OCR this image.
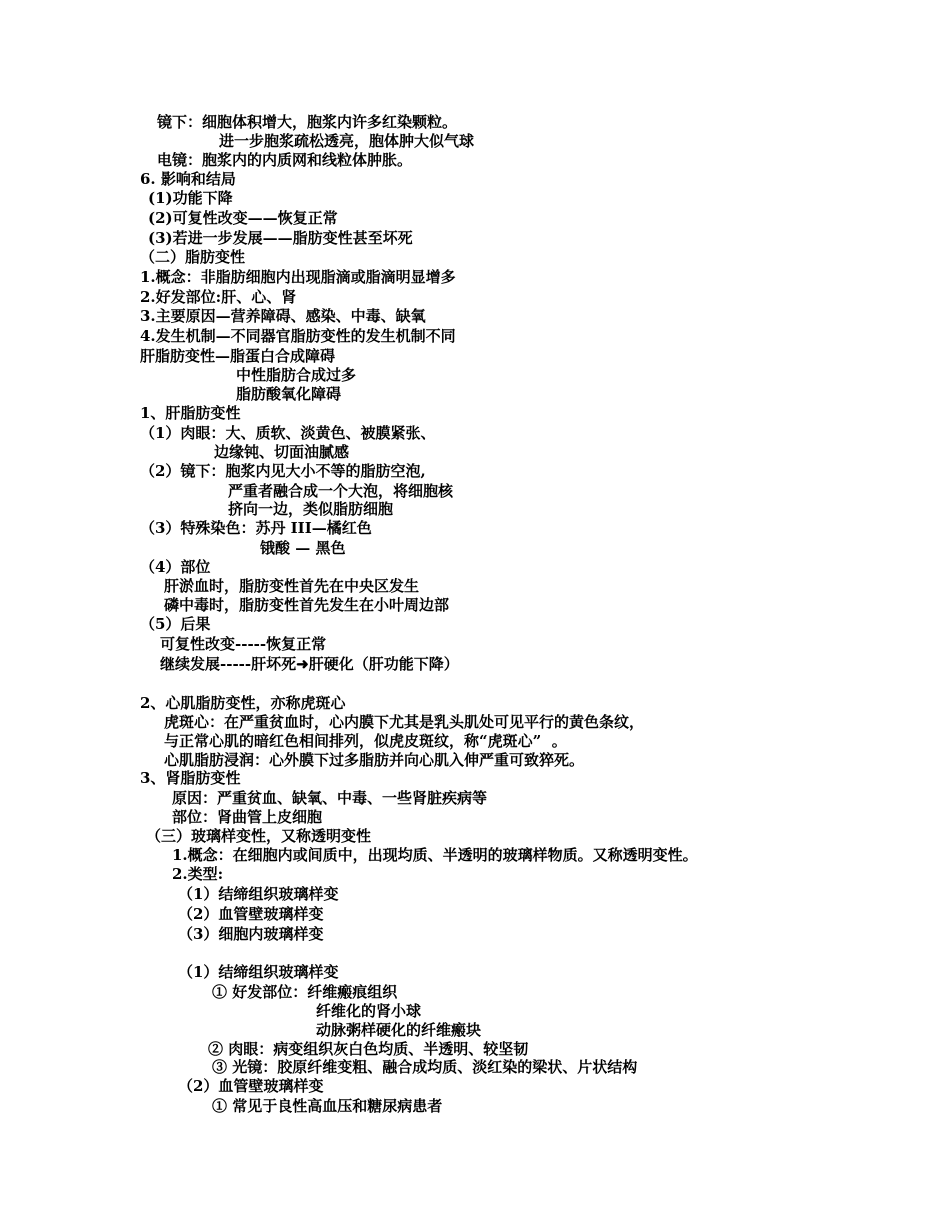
镜下：细胞体积增大，胞浆内许多红染颗粒。
进一步胞浆疏松透亮，胞体肿大似气球
电镜：胞浆内的内质网和线粒体肿胀。
6. 影响和结局
(1)功能下降
(2)可复性改变——恢复正常
(3)若进一步发展——脂肪变性甚至坏死
（二）脂肪变性
1.概念：非脂肪细胞内出现脂滴或脂滴明显增多
2.好发部位:肝、心、肾
3.主要原因—营养障碍、感染、中毒、缺氧
4.发生机制—不同器官脂肪变性的发生机制不同
肝脂肪变性—脂蛋白合成障碍
中性脂肪合成过多
脂肪酸氧化障碍
1、肝脂肪变性
（1）肉眼：大、质软、淡黄色、被膜紧张、
边缘钝、切面油腻感
（2）镜下：胞浆内见大小不等的脂肪空泡,
严重者融合成一个大泡，将细胞核
挤向一边，类似脂肪细胞
（3）特殊染色：苏丹 III—橘红色
锇酸 — 黑色
（4）部位
肝淤血时，脂肪变性首先在中央区发生
磷中毒时，脂肪变性首先发生在小叶周边部
（5）后果
可复性改变-----恢复正常
继续发展-----肝坏死➜肝硬化（肝功能下降）
2、心肌脂肪变性，亦称虎斑心
虎斑心：在严重贫血时，心内膜下尤其是乳头肌处可见平行的黄色条纹，
与正常心肌的暗红色相间排列，似虎皮斑纹，称“虎斑心”  。
心肌脂肪浸润：心外膜下过多脂肪并向心肌入伸严重可致猝死。
3、肾脂肪变性
原因：严重贫血、缺氧、中毒、一些肾脏疾病等
部位：肾曲管上皮细胞
（三）玻璃样变性，又称透明变性
1.概念：在细胞内或间质中，出现均质、半透明的玻璃样物质。又称透明变性。
2.类型:
（1）结缔组织玻璃样变
（2）血管壁玻璃样变
（3）细胞内玻璃样变
（1）结缔组织玻璃样变
① 好发部位：纤维瘢痕组织
纤维化的肾小球
动脉粥样硬化的纤维瘢块
② 肉眼：病变组织灰白色均质、半透明、较坚韧
③ 光镜：胶原纤维变粗、融合成均质、淡红染的梁状、片状结构
（2）血管壁玻璃样变
① 常见于良性高血压和糖尿病患者
